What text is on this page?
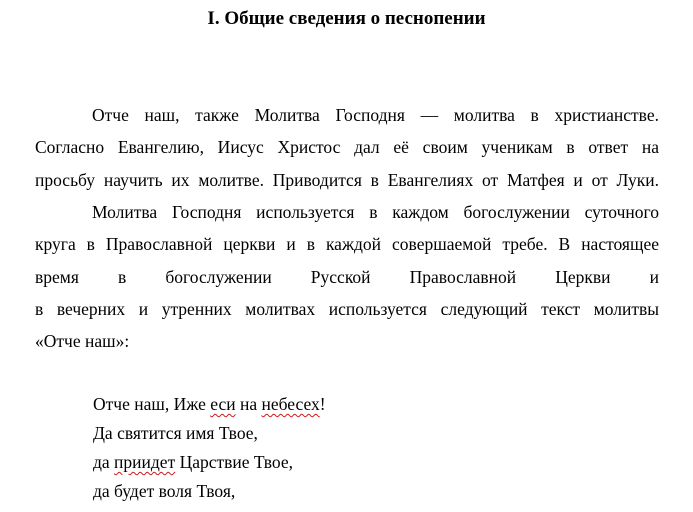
I. Общие сведения о песнопении
Отче наш, также Молитва Господня — молитва в христианстве.
Согласно Евангелию, Иисус Христос дал её своим ученикам в ответ на
просьбу научить их молитве. Приводится в Евангелиях от Матфея и от Луки.
Молитва Господня используется в каждом богослужении суточного
круга в Православной церкви и в каждой совершаемой требе. В настоящее
время в богослужении Русской Православной Церкви и
в вечерних и утренних молитвах используется следующий текст молитвы
«Отче наш»:
Отче наш, Иже еси на небесех!
Да святится имя Твое,
да приидет Царствие Твое,
да будет воля Твоя,
